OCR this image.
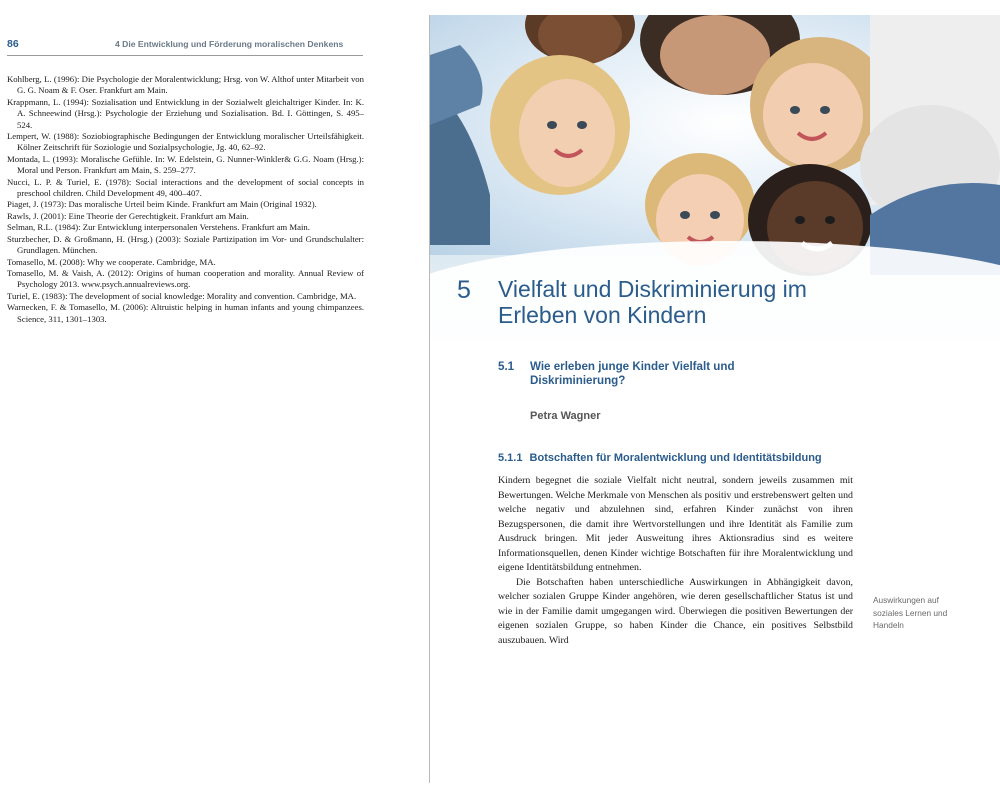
86	4 Die Entwicklung und Förderung moralischen Denkens

Kohlberg, L. (1996): Die Psychologie der Moralentwicklung; Hrsg. von W. Althof unter Mitarbeit von G. G. Noam & F. Oser. Frankfurt am Main.

Krappmann, L. (1994): Sozialisation und Entwicklung in der Sozialwelt gleichaltriger Kinder. In: K. A. Schneewind (Hrsg.): Psychologie der Erziehung und Sozialisation. Bd. I. Göttingen, S. 495–524.

Lempert, W. (1988): Soziobiographische Bedingungen der Entwicklung moralischer Urteilsfähigkeit. Kölner Zeitschrift für Soziologie und Sozialpsychologie, Jg. 40, 62–92.

Montada, L. (1993): Moralische Gefühle. In: W. Edelstein, G. Nunner-Winkler& G.G. Noam (Hrsg.): Moral und Person. Frankfurt am Main, S. 259–277.

Nucci, L. P. & Turiel, E. (1978): Social interactions and the development of social concepts in preschool children. Child Development 49, 400–407.

Piaget, J. (1973): Das moralische Urteil beim Kinde. Frankfurt am Main (Original 1932).

Rawls, J. (2001): Eine Theorie der Gerechtigkeit. Frankfurt am Main.

Selman, R.L. (1984): Zur Entwicklung interpersonalen Verstehens. Frankfurt am Main.

Sturzbecher, D. & Großmann, H. (Hrsg.) (2003): Soziale Partizipation im Vor- und Grundschulalter: Grundlagen. München.

Tomasello, M. (2008): Why we cooperate. Cambridge, MA.

Tomasello, M. & Vaish, A. (2012): Origins of human cooperation and morality. Annual Review of Psychology 2013. www.psych.annualreviews.org.

Turiel, E. (1983): The development of social knowledge: Morality and convention. Cambridge, MA.

Warnecken, F. & Tomasello, M. (2006): Altruistic helping in human infants and young chimpanzees. Science, 311, 1301–1303.

5 Vielfalt und Diskriminierung im Erleben von Kindern
5.1 Wie erleben junge Kinder Vielfalt und Diskriminierung?
Petra Wagner
5.1.1 Botschaften für Moralentwicklung und Identitätsbildung

Kindern begegnet die soziale Vielfalt nicht neutral, sondern jeweils zusammen mit Bewertungen. Welche Merkmale von Menschen als positiv und erstrebenswert gelten und welche negativ und abzulehnen sind, erfahren Kinder zunächst von ihren Bezugspersonen, die damit ihre Wertvorstellungen und ihre Identität als Familie zum Ausdruck bringen. Mit jeder Ausweitung ihres Aktionsradius sind es weitere Informationsquellen, denen Kinder wichtige Botschaften für ihre Moralentwicklung und eigene Identitätsbildung entnehmen.

Die Botschaften haben unterschiedliche Auswirkungen in Abhängigkeit davon, welcher sozialen Gruppe Kinder angehören, wie deren gesellschaftlicher Status ist und wie in der Familie damit umgegangen wird. Überwiegen die positiven Bewertungen der eigenen sozialen Gruppe, so haben Kinder die Chance, ein positives Selbstbild auszubauen. Wird

Auswirkungen auf soziales Lernen und Handeln
